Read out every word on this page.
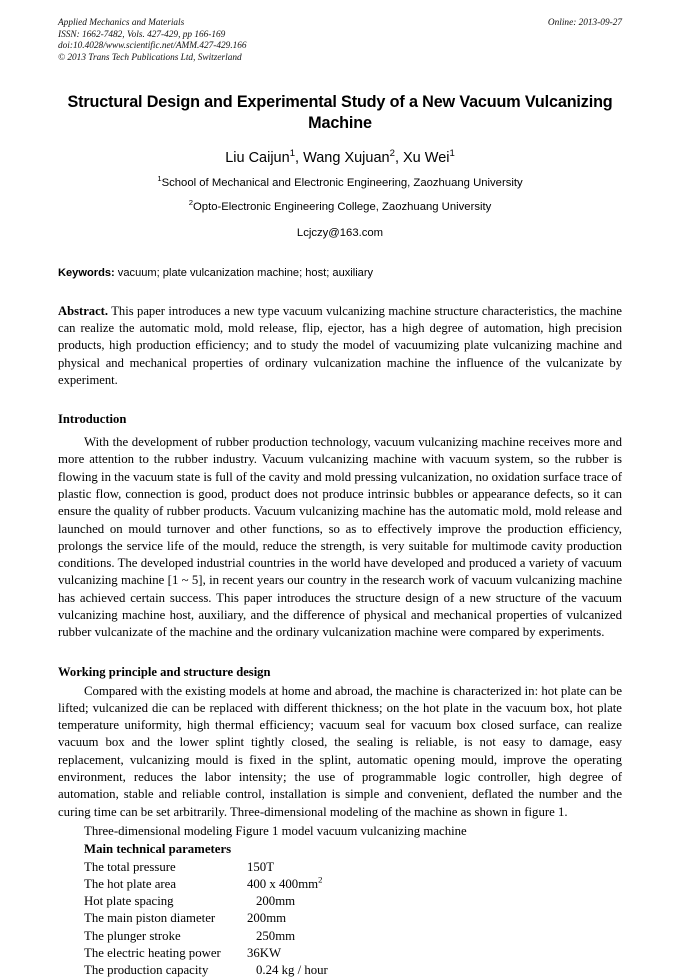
Applied Mechanics and Materials
ISSN: 1662-7482, Vols. 427-429, pp 166-169
doi:10.4028/www.scientific.net/AMM.427-429.166
© 2013 Trans Tech Publications Ltd, Switzerland
Online: 2013-09-27
Structural Design and Experimental Study of a New Vacuum Vulcanizing Machine
Liu Caijun$^1$, Wang Xujuan$^2$, Xu Wei$^1$
$^1$School of Mechanical and Electronic Engineering, Zaozhuang University
$^2$Opto-Electronic Engineering College, Zaozhuang University
Lcjczy@163.com
Keywords: vacuum; plate vulcanization machine; host; auxiliary
Abstract. This paper introduces a new type vacuum vulcanizing machine structure characteristics, the machine can realize the automatic mold, mold release, flip, ejector, has a high degree of automation, high precision products, high production efficiency; and to study the model of vacuumizing plate vulcanizing machine and physical and mechanical properties of ordinary vulcanization machine the influence of the vulcanizate by experiment.
Introduction

With the development of rubber production technology, vacuum vulcanizing machine receives more and more attention to the rubber industry. Vacuum vulcanizing machine with vacuum system, so the rubber is flowing in the vacuum state is full of the cavity and mold pressing vulcanization, no oxidation surface trace of plastic flow, connection is good, product does not produce intrinsic bubbles or appearance defects, so it can ensure the quality of rubber products. Vacuum vulcanizing machine has the automatic mold, mold release and launched on mould turnover and other functions, so as to effectively improve the production efficiency, prolongs the service life of the mould, reduce the strength, is very suitable for multimode cavity production conditions. The developed industrial countries in the world have developed and produced a variety of vacuum vulcanizing machine [1 ~ 5], in recent years our country in the research work of vacuum vulcanizing machine has achieved certain success. This paper introduces the structure design of a new structure of the vacuum vulcanizing machine host, auxiliary, and the difference of physical and mechanical properties of vulcanized rubber vulcanizate of the machine and the ordinary vulcanization machine were compared by experiments.

Working principle and structure design

Compared with the existing models at home and abroad, the machine is characterized in: hot plate can be lifted; vulcanized die can be replaced with different thickness; on the hot plate in the vacuum box, hot plate temperature uniformity, high thermal efficiency; vacuum seal for vacuum box closed surface, can realize vacuum box and the lower splint tightly closed, the sealing is reliable, is not easy to damage, easy replacement, vulcanizing mould is fixed in the splint, automatic opening mould, improve the operating environment, reduces the labor intensity; the use of programmable logic controller, high degree of automation, stable and reliable control, installation is simple and convenient, deflated the number and the curing time can be set arbitrarily. Three-dimensional modeling of the machine as shown in figure 1.

Three-dimensional modeling Figure 1 model vacuum vulcanizing machine
Main technical parameters
The total pressure	150T
The hot plate area	400 x $400mm^2$
Hot plate spacing	200mm
The main piston diameter	200mm
The plunger stroke	250mm
The electric heating power	36KW
The production capacity	0.24 kg / hour
